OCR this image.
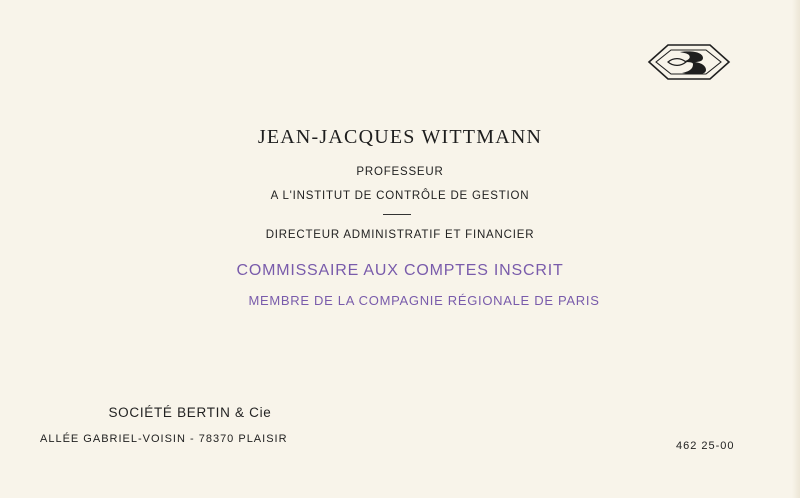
JEAN-JACQUES WITTMANN
PROFESSEUR
A L'INSTITUT DE CONTRÔLE DE GESTION
DIRECTEUR ADMINISTRATIF ET FINANCIER
COMMISSAIRE AUX COMPTES INSCRIT
MEMBRE DE LA COMPAGNIE RÉGIONALE DE PARIS
SOCIÉTÉ BERTIN & Cie
ALLÉE GABRIEL-VOISIN - 78370 PLAISIR
462 25-00
